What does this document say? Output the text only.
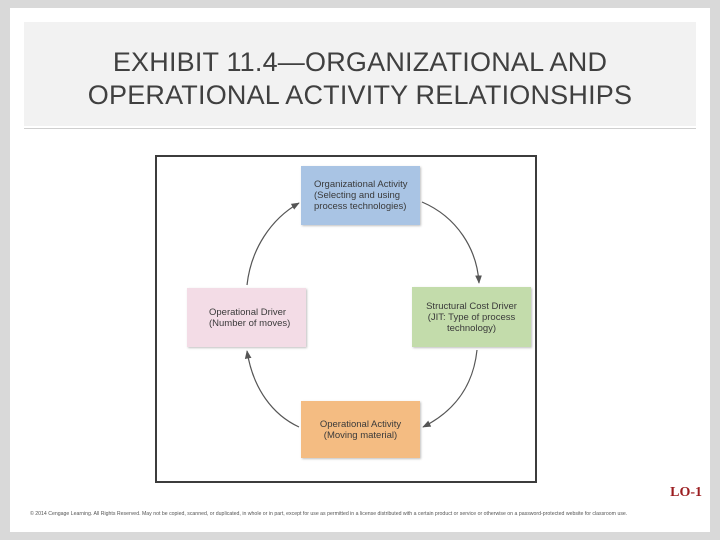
EXHIBIT 11.4—ORGANIZATIONAL AND
OPERATIONAL ACTIVITY RELATIONSHIPS
Organizational Activity
(Selecting and using
process technologies)
Structural Cost Driver
(JIT: Type of process
technology)
Operational Activity
(Moving material)
Operational Driver
(Number of moves)
LO-1
© 2014 Cengage Learning. All Rights Reserved. May not be copied, scanned, or duplicated, in whole or in part, except for use as permitted in a license distributed with a certain product or service or otherwise on a password-protected website for classroom use.
